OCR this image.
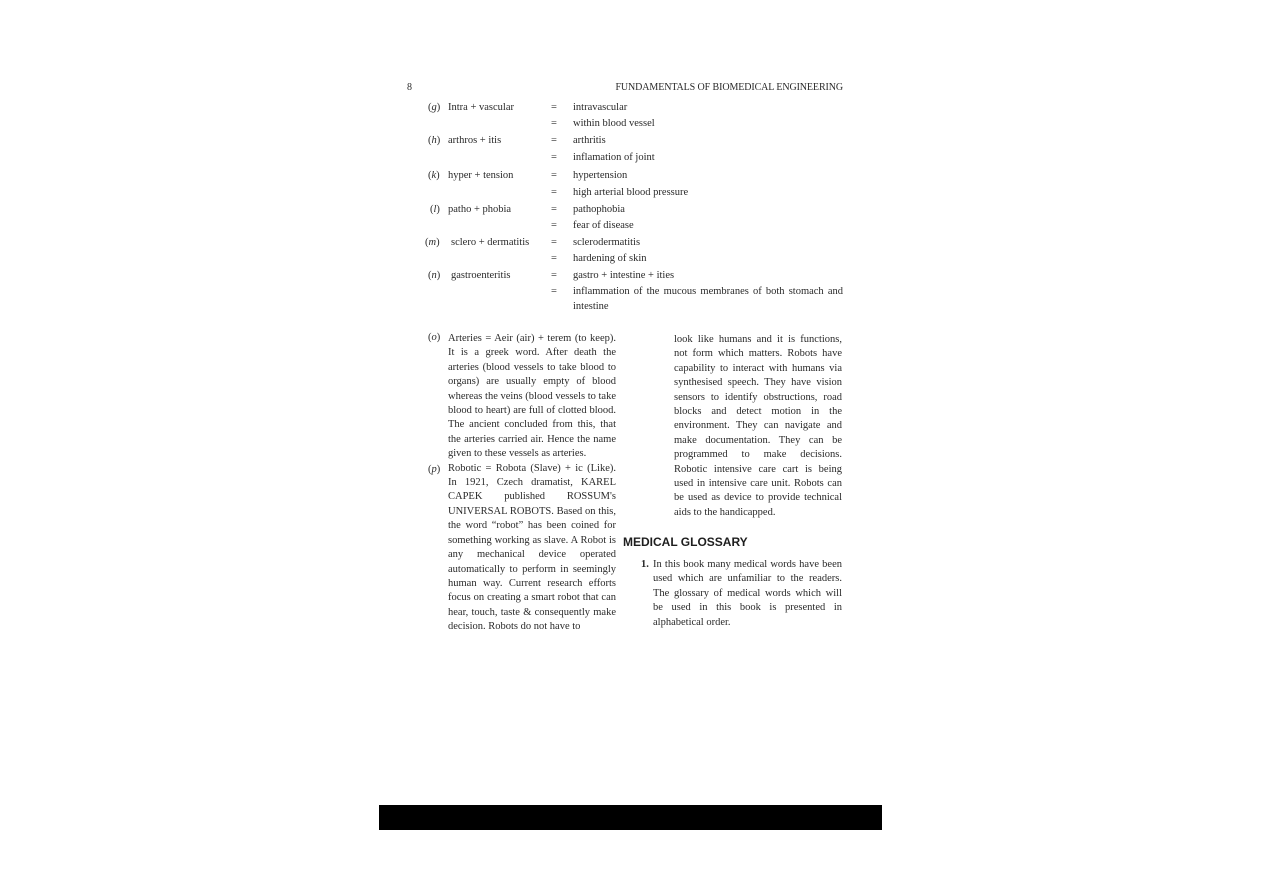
8	FUNDAMENTALS OF BIOMEDICAL ENGINEERING
(g) Intra + vascular	= intravascular
= within blood vessel
(h) arthros + itis	= arthritis
= inflamation of joint
(k) hyper + tension	= hypertension
= high arterial blood pressure
(l) patho + phobia	= pathophobia
= fear of disease
(m) sclero + dermatitis = sclerodermatitis
= hardening of skin
(n) gastroenteritis	= gastro + intestine + ities
= inflammation of the mucous membranes of both stomach and intestine
(o)
(p)

Arteries = Aeir (air) + terem (to keep). It is a greek word. After death the arteries (blood vessels to take blood to organs) are usually empty of blood whereas the veins (blood vessels to take blood to heart) are full of clotted blood. The ancient concluded from this, that the arteries carried air. Hence the name given to these vessels as arteries.

Robotic = Robota (Slave) + ic (Like). In 1921, Czech dramatist, KAREL CAPEK published ROSSUM's UNIVERSAL ROBOTS. Based on this, the word “robot” has been coined for something working as slave. A Robot is any mechanical device operated automatically to perform in seemingly human way. Current research efforts focus on creating a smart robot that can hear, touch, taste & consequently make decision. Robots do not have to

look like humans and it is functions, not form which matters. Robots have capability to interact with humans via synthesised speech. They have vision sensors to identify obstructions, road blocks and detect motion in the environment. They can navigate and make documentation. They can be programmed to make decisions. Robotic intensive care cart is being used in intensive care unit. Robots can be used as device to provide technical aids to the handicapped.

MEDICAL GLOSSARY
1. In this book many medical words have been used which are unfamiliar to the readers. The glossary of medical words which will be used in this book is presented in alphabetical order.
